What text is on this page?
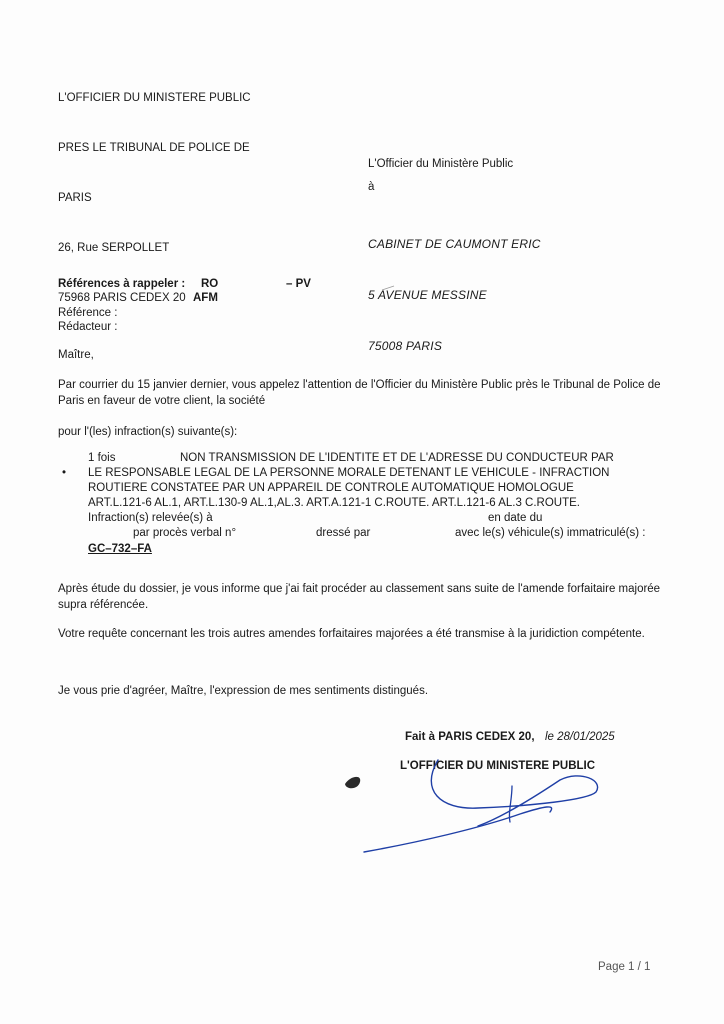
L'OFFICIER DU MINISTERE PUBLIC

PRES LE TRIBUNAL DE POLICE DE

PARIS

26, Rue SERPOLLET

75968 PARIS CEDEX 20

L'Officier du Ministère Public
à

CABINET DE CAUMONT ERIC

5 AVENUE MESSINE

75008 PARIS

Références à rappeler : RO	– PV
AFM
Référence :
Rédacteur :
Maître,
Par courrier du 15 janvier dernier, vous appelez l'attention de l'Officier du Ministère Public près le Tribunal de Police de Paris en faveur de votre client, la société
pour l'(les) infraction(s) suivante(s):
1 fois	NON TRANSMISSION DE L'IDENTITE ET DE L'ADRESSE DU CONDUCTEUR PAR
• LE RESPONSABLE LEGAL DE LA PERSONNE MORALE DETENANT LE VEHICULE - INFRACTION
ROUTIERE CONSTATEE PAR UN APPAREIL DE CONTROLE AUTOMATIQUE HOMOLOGUE
ART.L.121-6 AL.1, ART.L.130-9 AL.1,AL.3. ART.A.121-1 C.ROUTE. ART.L.121-6 AL.3 C.ROUTE.
Infraction(s) relevée(s) à	en date du
par procès verbal n°	dressé par	avec le(s) véhicule(s) immatriculé(s) :
GC–732–FA
Après étude du dossier, je vous informe que j'ai fait procéder au classement sans suite de l'amende forfaitaire majorée supra référencée.
Votre requête concernant les trois autres amendes forfaitaires majorées a été transmise à la juridiction compétente.
Je vous prie d'agréer, Maître, l'expression de mes sentiments distingués.
Fait à PARIS CEDEX 20, le 28/01/2025
L'OFFICIER DU MINISTERE PUBLIC
Page 1 / 1
